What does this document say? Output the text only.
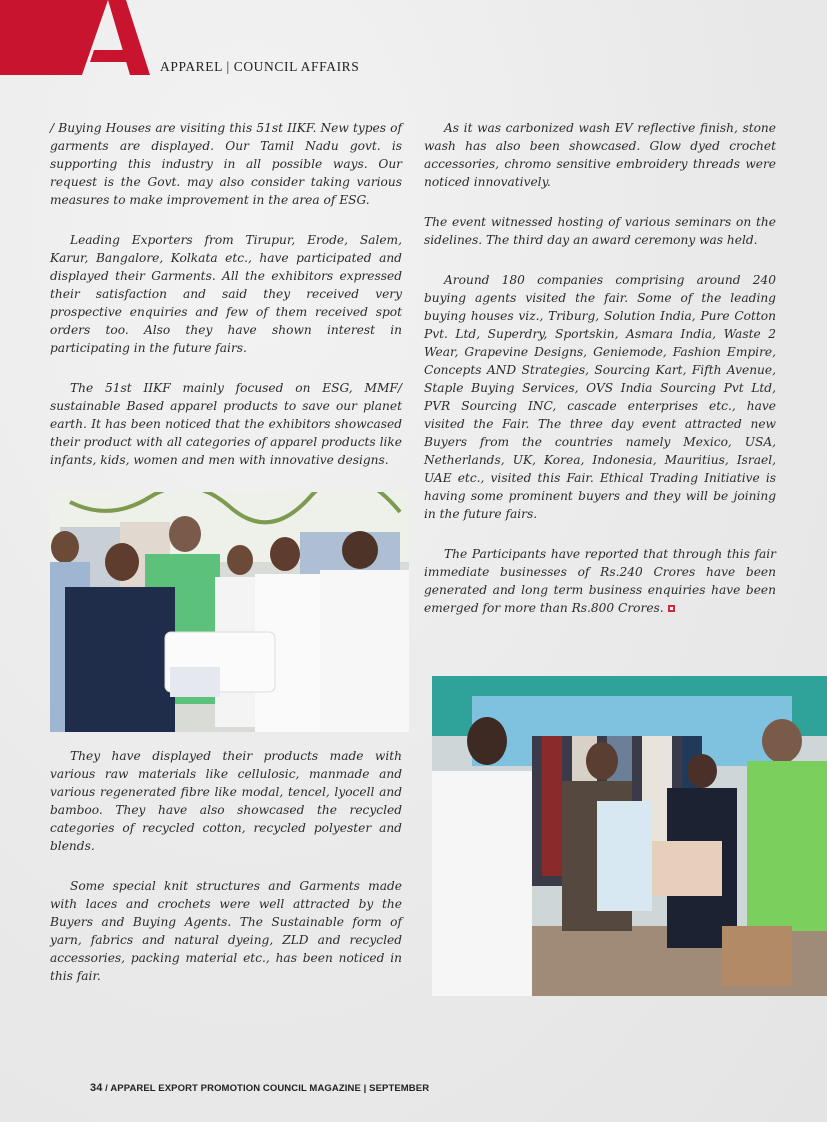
APPAREL | COUNCIL AFFAIRS

/ Buying Houses are visiting this 51st IIKF. New types of garments are displayed. Our Tamil Nadu govt. is supporting this industry in all possible ways. Our request is the Govt. may also consider taking various measures to make improvement in the area of ESG.

Leading Exporters from Tirupur, Erode, Salem, Karur, Bangalore, Kolkata etc., have participated and displayed their Garments. All the exhibitors expressed their satisfaction and said they received very prospective enquiries and few of them received spot orders too. Also they have shown interest in participating in the future fairs.

The 51st IIKF mainly focused on ESG, MMF/ sustainable Based apparel products to save our planet earth. It has been noticed that the exhibitors showcased their product with all categories of apparel products like infants, kids, women and men with innovative designs.

They have displayed their products made with various raw materials like cellulosic, manmade and various regenerated fibre like modal, tencel, lyocell and bamboo. They have also showcased the recycled categories of recycled cotton, recycled polyester and blends.

Some special knit structures and Garments made with laces and crochets were well attracted by the Buyers and Buying Agents. The Sustainable form of yarn, fabrics and natural dyeing, ZLD and recycled accessories, packing material etc., has been noticed in this fair.

As it was carbonized wash EV reflective finish, stone wash has also been showcased. Glow dyed crochet accessories, chromo sensitive embroidery threads were noticed innovatively.

The event witnessed hosting of various seminars on the sidelines. The third day an award ceremony was held.

Around 180 companies comprising around 240 buying agents visited the fair. Some of the leading buying houses viz., Triburg, Solution India, Pure Cotton Pvt. Ltd, Superdry, Sportskin, Asmara India, Waste 2 Wear, Grapevine Designs, Geniemode, Fashion Empire, Concepts AND Strategies, Sourcing Kart, Fifth Avenue, Staple Buying Services, OVS India Sourcing Pvt Ltd, PVR Sourcing INC, cascade enterprises etc., have visited the Fair. The three day event attracted new Buyers from the countries namely Mexico, USA, Netherlands, UK, Korea, Indonesia, Mauritius, Israel, UAE etc., visited this Fair. Ethical Trading Initiative is having some prominent buyers and they will be joining in the future fairs.

The Participants have reported that through this fair immediate businesses of Rs.240 Crores have been generated and long term business enquiries have been emerged for more than Rs.800 Crores.

34 / APPAREL EXPORT PROMOTION COUNCIL MAGAZINE | SEPTEMBER
